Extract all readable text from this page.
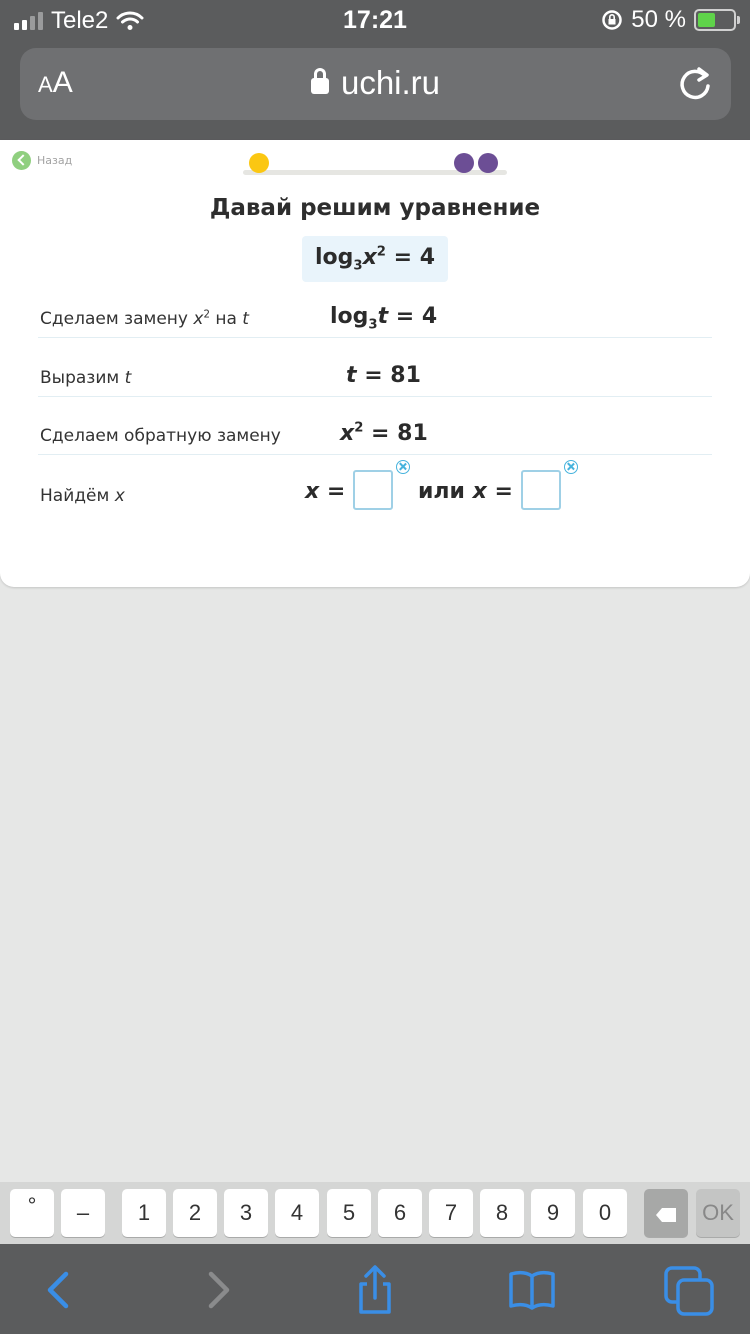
Tele2	17:21	50 %
AA	uchi.ru
Назад
Давай решим уравнение
$\log_3x^2 = 4$
Сделаем замену $x^2$ на t	$\log_3t = 4$
Выразим t	t = 81
Сделаем обратную замену	$x^2 = 81$
Найдём x	x =	или x =
°	–	1	2	3	4	5	6	7	8	9	0	OK
